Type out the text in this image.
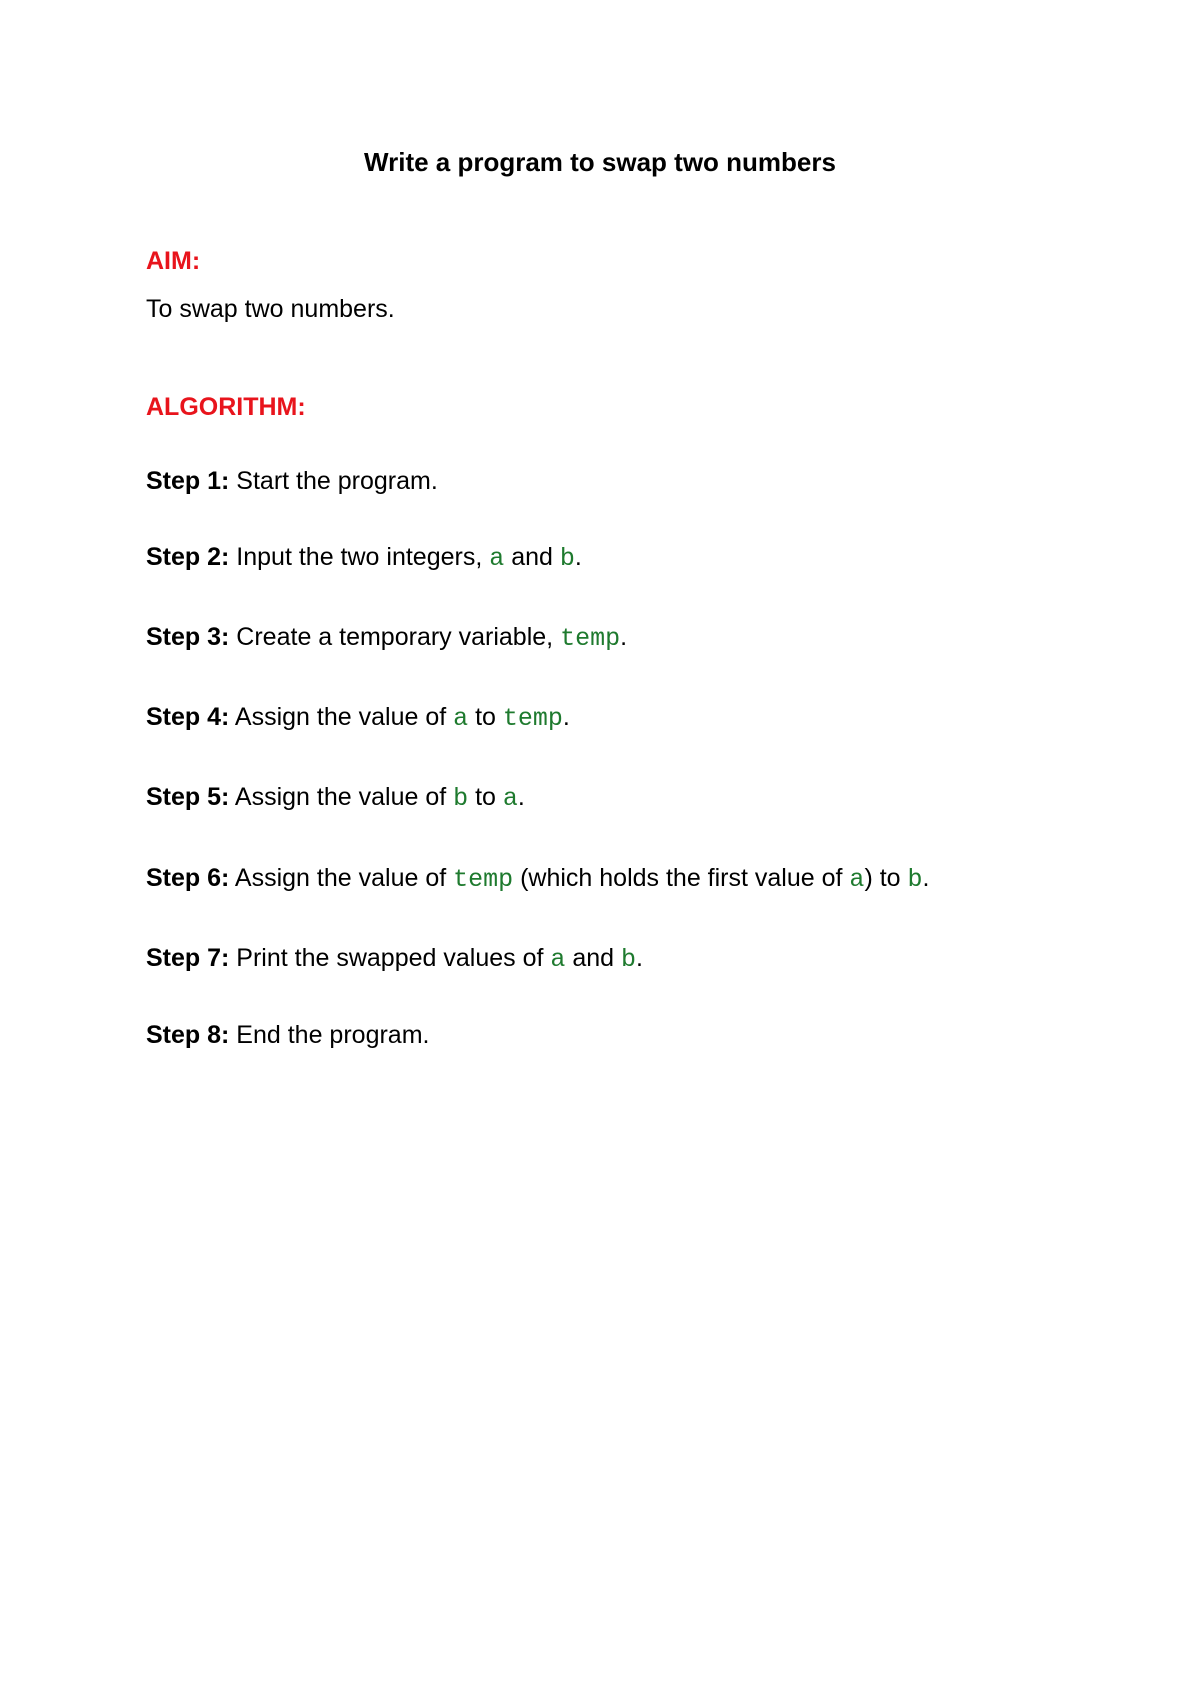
Write a program to swap two numbers
AIM:
To swap two numbers.
ALGORITHM:
Step 1: Start the program.
Step 2: Input the two integers, a and b.
Step 3: Create a temporary variable, temp.
Step 4: Assign the value of a to temp.
Step 5: Assign the value of b to a.
Step 6: Assign the value of temp (which holds the first value of a) to b.
Step 7: Print the swapped values of a and b.
Step 8: End the program.
